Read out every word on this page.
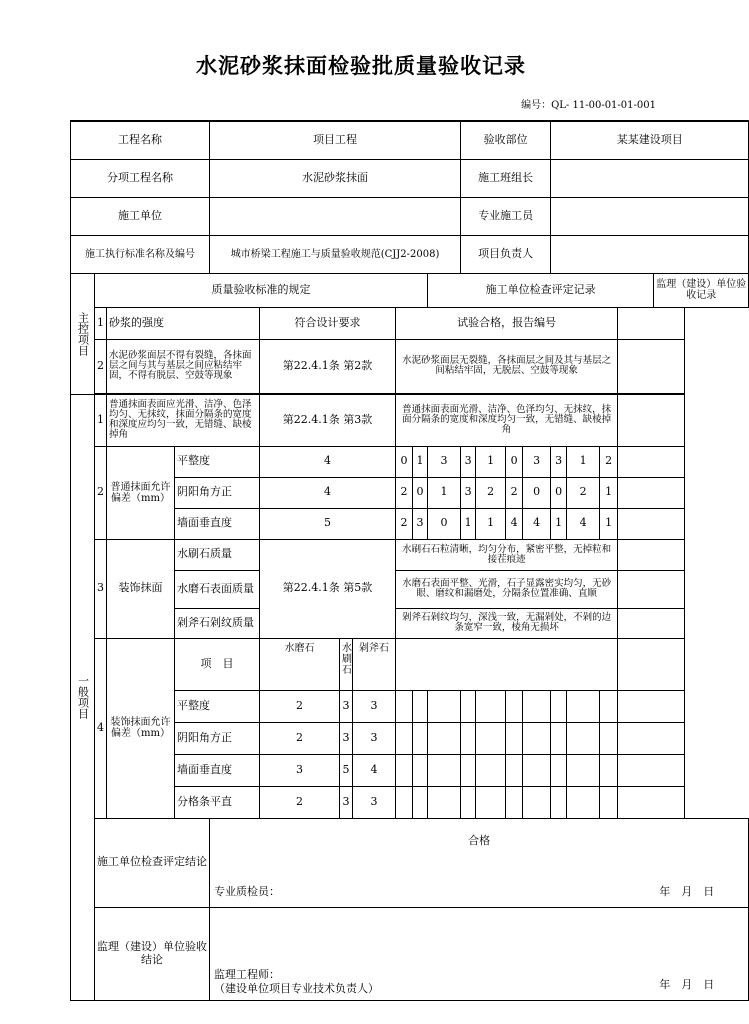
水泥砂浆抹面检验批质量验收记录
编号：QL- 11-00-01-01-001
工程名称				项目工程							验收部位				某某建设项目				
分项工程名称				水泥砂浆抹面							施工班组长								
施工单位											专业施工员								
施工执行标准名称及编号				城市桥梁工程施工与质量验收规范(CJJ2-2008)							项目负责人								
主控项目	质量验收标准的规定									施工单位检查评定记录									监理（建设）单位验收记录
	1	砂浆的强度			符合设计要求			试验合格，报告编号											
	2	水泥砂浆面层不得有裂缝，各抹面层之间与其与基层之间应粘结牢固，不得有脱层、空鼓等现象			第22.4.1条 第2款			水泥砂浆面层无裂缝，各抹面层之间及其与基层之间粘结牢固，无脱层、空鼓等现象											

一般项目	1	普通抹面表面应光滑、洁净、色泽均匀、无抹纹，抹面分隔条的宽度和深度应均匀一致，无错缝、缺棱掉角			第22.4.1条 第3款			普通抹面表面光滑、洁净、色泽均匀、无抹纹，抹面分隔条的宽度和深度均匀一致，无错缝、缺棱掉角											
	2	普通抹面允许偏差（mm）	平整度		4			0	1	3	3	1	0	3	3	1	2		
			阴阳角方正		4			2	0	1	3	2	2	0	0	2	1		
			墙面垂直度		5			2	3	0	1	1	4	4	1	4	1		
	3	装饰抹面	水刷石质量		第22.4.1条 第5款			水刷石石粒清晰，均匀分布，紧密平整，无掉粒和接茬痕迹											
			水磨石表面质量					水磨石表面平整、光滑，石子显露密实均匀，无砂眼、磨纹和漏磨处，分隔条位置准确、直顺											
			剁斧石剁纹质量					剁斧石剁纹均匀，深浅一致，无漏剁处，不剁的边条宽窄一致，棱角无损坏											
	4	装饰抹面允许偏差（mm）	项　目		水磨石	水刷石	剁斧石												
			平整度		2	3	3												
			阴阳角方正		2	3	3												
			墙面垂直度		3	5	4												
			分格条平直		2	3	3												
	施工单位检查评定结论			合格
专业质检员： 年　月　日															

	监理（建设）单位验收结论			监理工程师：
（建设单位项目专业技术负责人） 年　月　日															
